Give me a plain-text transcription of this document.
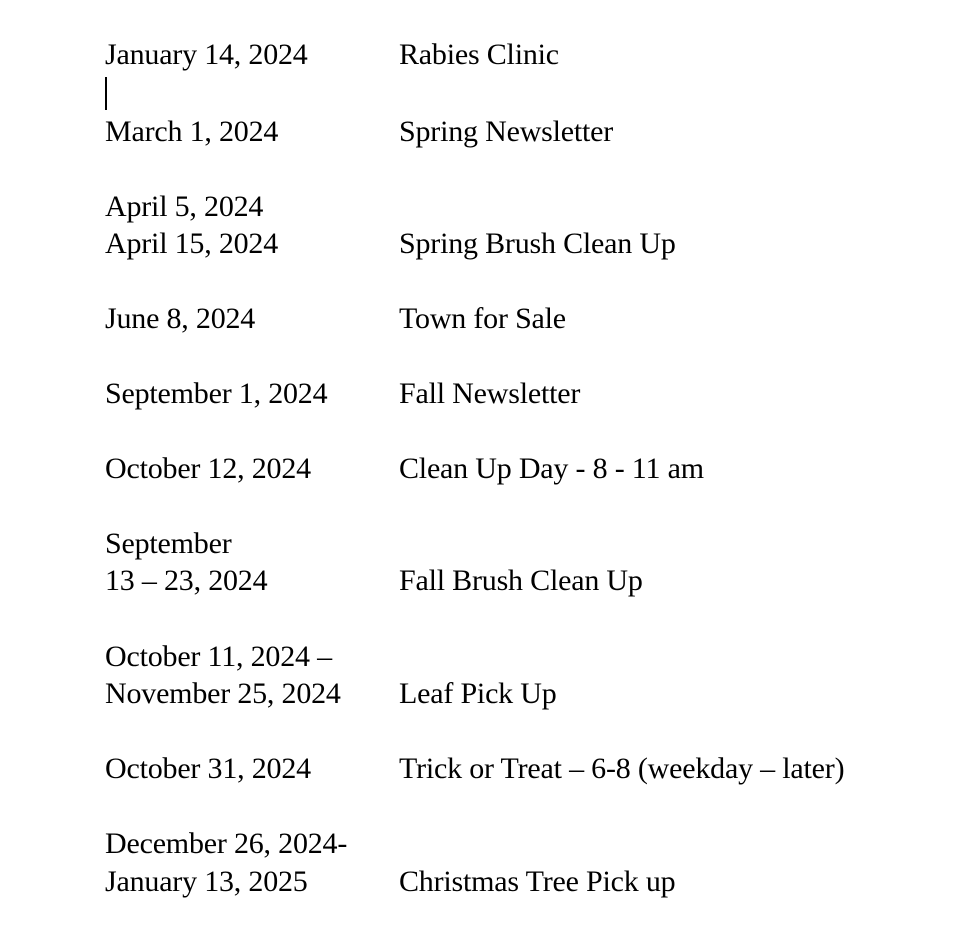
January 14, 2024	Rabies Clinic
March 1, 2024	Spring Newsletter
April 5, 2024
April 15, 2024	Spring Brush Clean Up
June 8, 2024	Town for Sale
September 1, 2024 Fall Newsletter
October 12, 2024	Clean Up Day - 8 - 11 am
September
13 – 23, 2024	Fall Brush Clean Up
October 11, 2024 –
November 25, 2024 Leaf Pick Up
October 31, 2024	Trick or Treat – 6-8 (weekday – later)
December 26, 2024-
January 13, 2025	Christmas Tree Pick up
